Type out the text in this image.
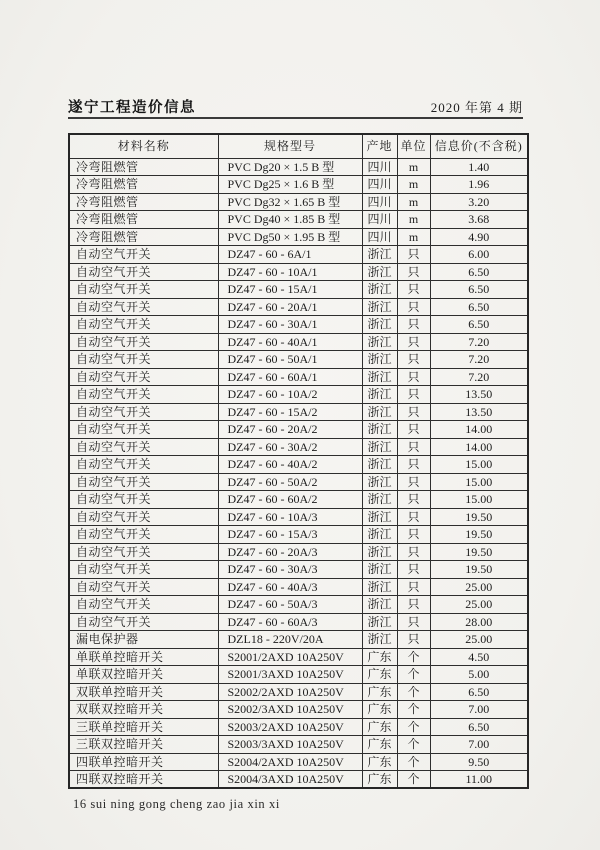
遂宁工程造价信息	2020 年第 4 期
材料名称	规格型号	产地	单位	信息价(不含税)
冷弯阻燃管	PVC Dg20 × 1.5 B 型	四川	m	1.40
冷弯阻燃管	PVC Dg25 × 1.6 B 型	四川	m	1.96
冷弯阻燃管	PVC Dg32 × 1.65 B 型	四川	m	3.20
冷弯阻燃管	PVC Dg40 × 1.85 B 型	四川	m	3.68
冷弯阻燃管	PVC Dg50 × 1.95 B 型	四川	m	4.90
自动空气开关	DZ47 - 60 - 6A/1	浙江	只	6.00
自动空气开关	DZ47 - 60 - 10A/1	浙江	只	6.50
自动空气开关	DZ47 - 60 - 15A/1	浙江	只	6.50
自动空气开关	DZ47 - 60 - 20A/1	浙江	只	6.50
自动空气开关	DZ47 - 60 - 30A/1	浙江	只	6.50
自动空气开关	DZ47 - 60 - 40A/1	浙江	只	7.20
自动空气开关	DZ47 - 60 - 50A/1	浙江	只	7.20
自动空气开关	DZ47 - 60 - 60A/1	浙江	只	7.20
自动空气开关	DZ47 - 60 - 10A/2	浙江	只	13.50
自动空气开关	DZ47 - 60 - 15A/2	浙江	只	13.50
自动空气开关	DZ47 - 60 - 20A/2	浙江	只	14.00
自动空气开关	DZ47 - 60 - 30A/2	浙江	只	14.00
自动空气开关	DZ47 - 60 - 40A/2	浙江	只	15.00
自动空气开关	DZ47 - 60 - 50A/2	浙江	只	15.00
自动空气开关	DZ47 - 60 - 60A/2	浙江	只	15.00
自动空气开关	DZ47 - 60 - 10A/3	浙江	只	19.50
自动空气开关	DZ47 - 60 - 15A/3	浙江	只	19.50
自动空气开关	DZ47 - 60 - 20A/3	浙江	只	19.50
自动空气开关	DZ47 - 60 - 30A/3	浙江	只	19.50
自动空气开关	DZ47 - 60 - 40A/3	浙江	只	25.00
自动空气开关	DZ47 - 60 - 50A/3	浙江	只	25.00
自动空气开关	DZ47 - 60 - 60A/3	浙江	只	28.00
漏电保护器	DZL18 - 220V/20A	浙江	只	25.00
单联单控暗开关	S2001/2AXD 10A250V	广东	个	4.50
单联双控暗开关	S2001/3AXD 10A250V	广东	个	5.00
双联单控暗开关	S2002/2AXD 10A250V	广东	个	6.50
双联双控暗开关	S2002/3AXD 10A250V	广东	个	7.00
三联单控暗开关	S2003/2AXD 10A250V	广东	个	6.50
三联双控暗开关	S2003/3AXD 10A250V	广东	个	7.00
四联单控暗开关	S2004/2AXD 10A250V	广东	个	9.50
四联双控暗开关	S2004/3AXD 10A250V	广东	个	11.00
16 sui ning gong cheng zao jia xin xi
